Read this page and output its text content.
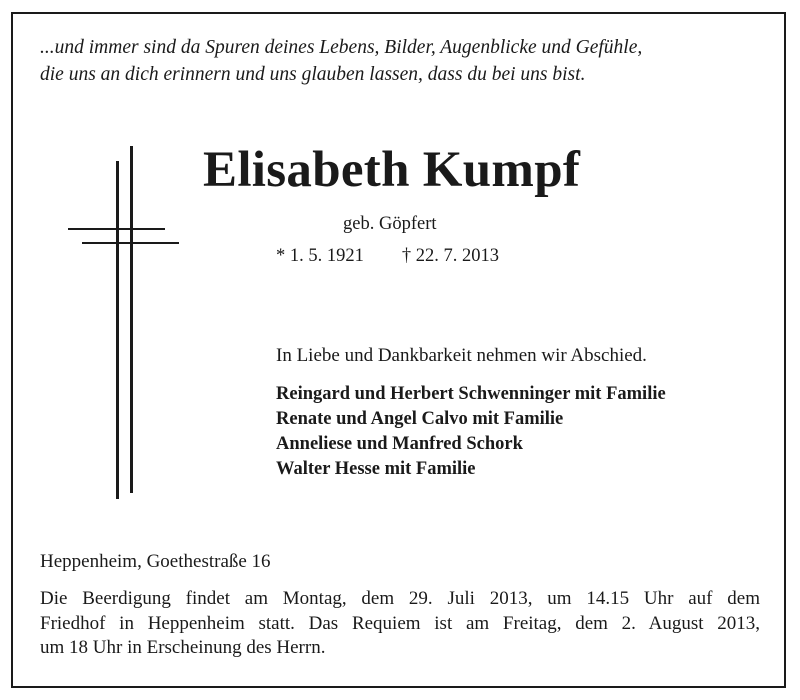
...und immer sind da Spuren deines Lebens, Bilder, Augenblicke und Gefühle,
die uns an dich erinnern und uns glauben lassen, dass du bei uns bist.
Elisabeth Kumpf
geb. Göpfert
* 1. 5. 1921 † 22. 7. 2013
In Liebe und Dankbarkeit nehmen wir Abschied.
Reingard und Herbert Schwenninger mit Familie
Renate und Angel Calvo mit Familie
Anneliese und Manfred Schork
Walter Hesse mit Familie
Heppenheim, Goethestraße 16
Die Beerdigung findet am Montag, dem 29. Juli 2013, um 14.15 Uhr auf dem
Friedhof in Heppenheim statt. Das Requiem ist am Freitag, dem 2. August 2013,
um 18 Uhr in Erscheinung des Herrn.
